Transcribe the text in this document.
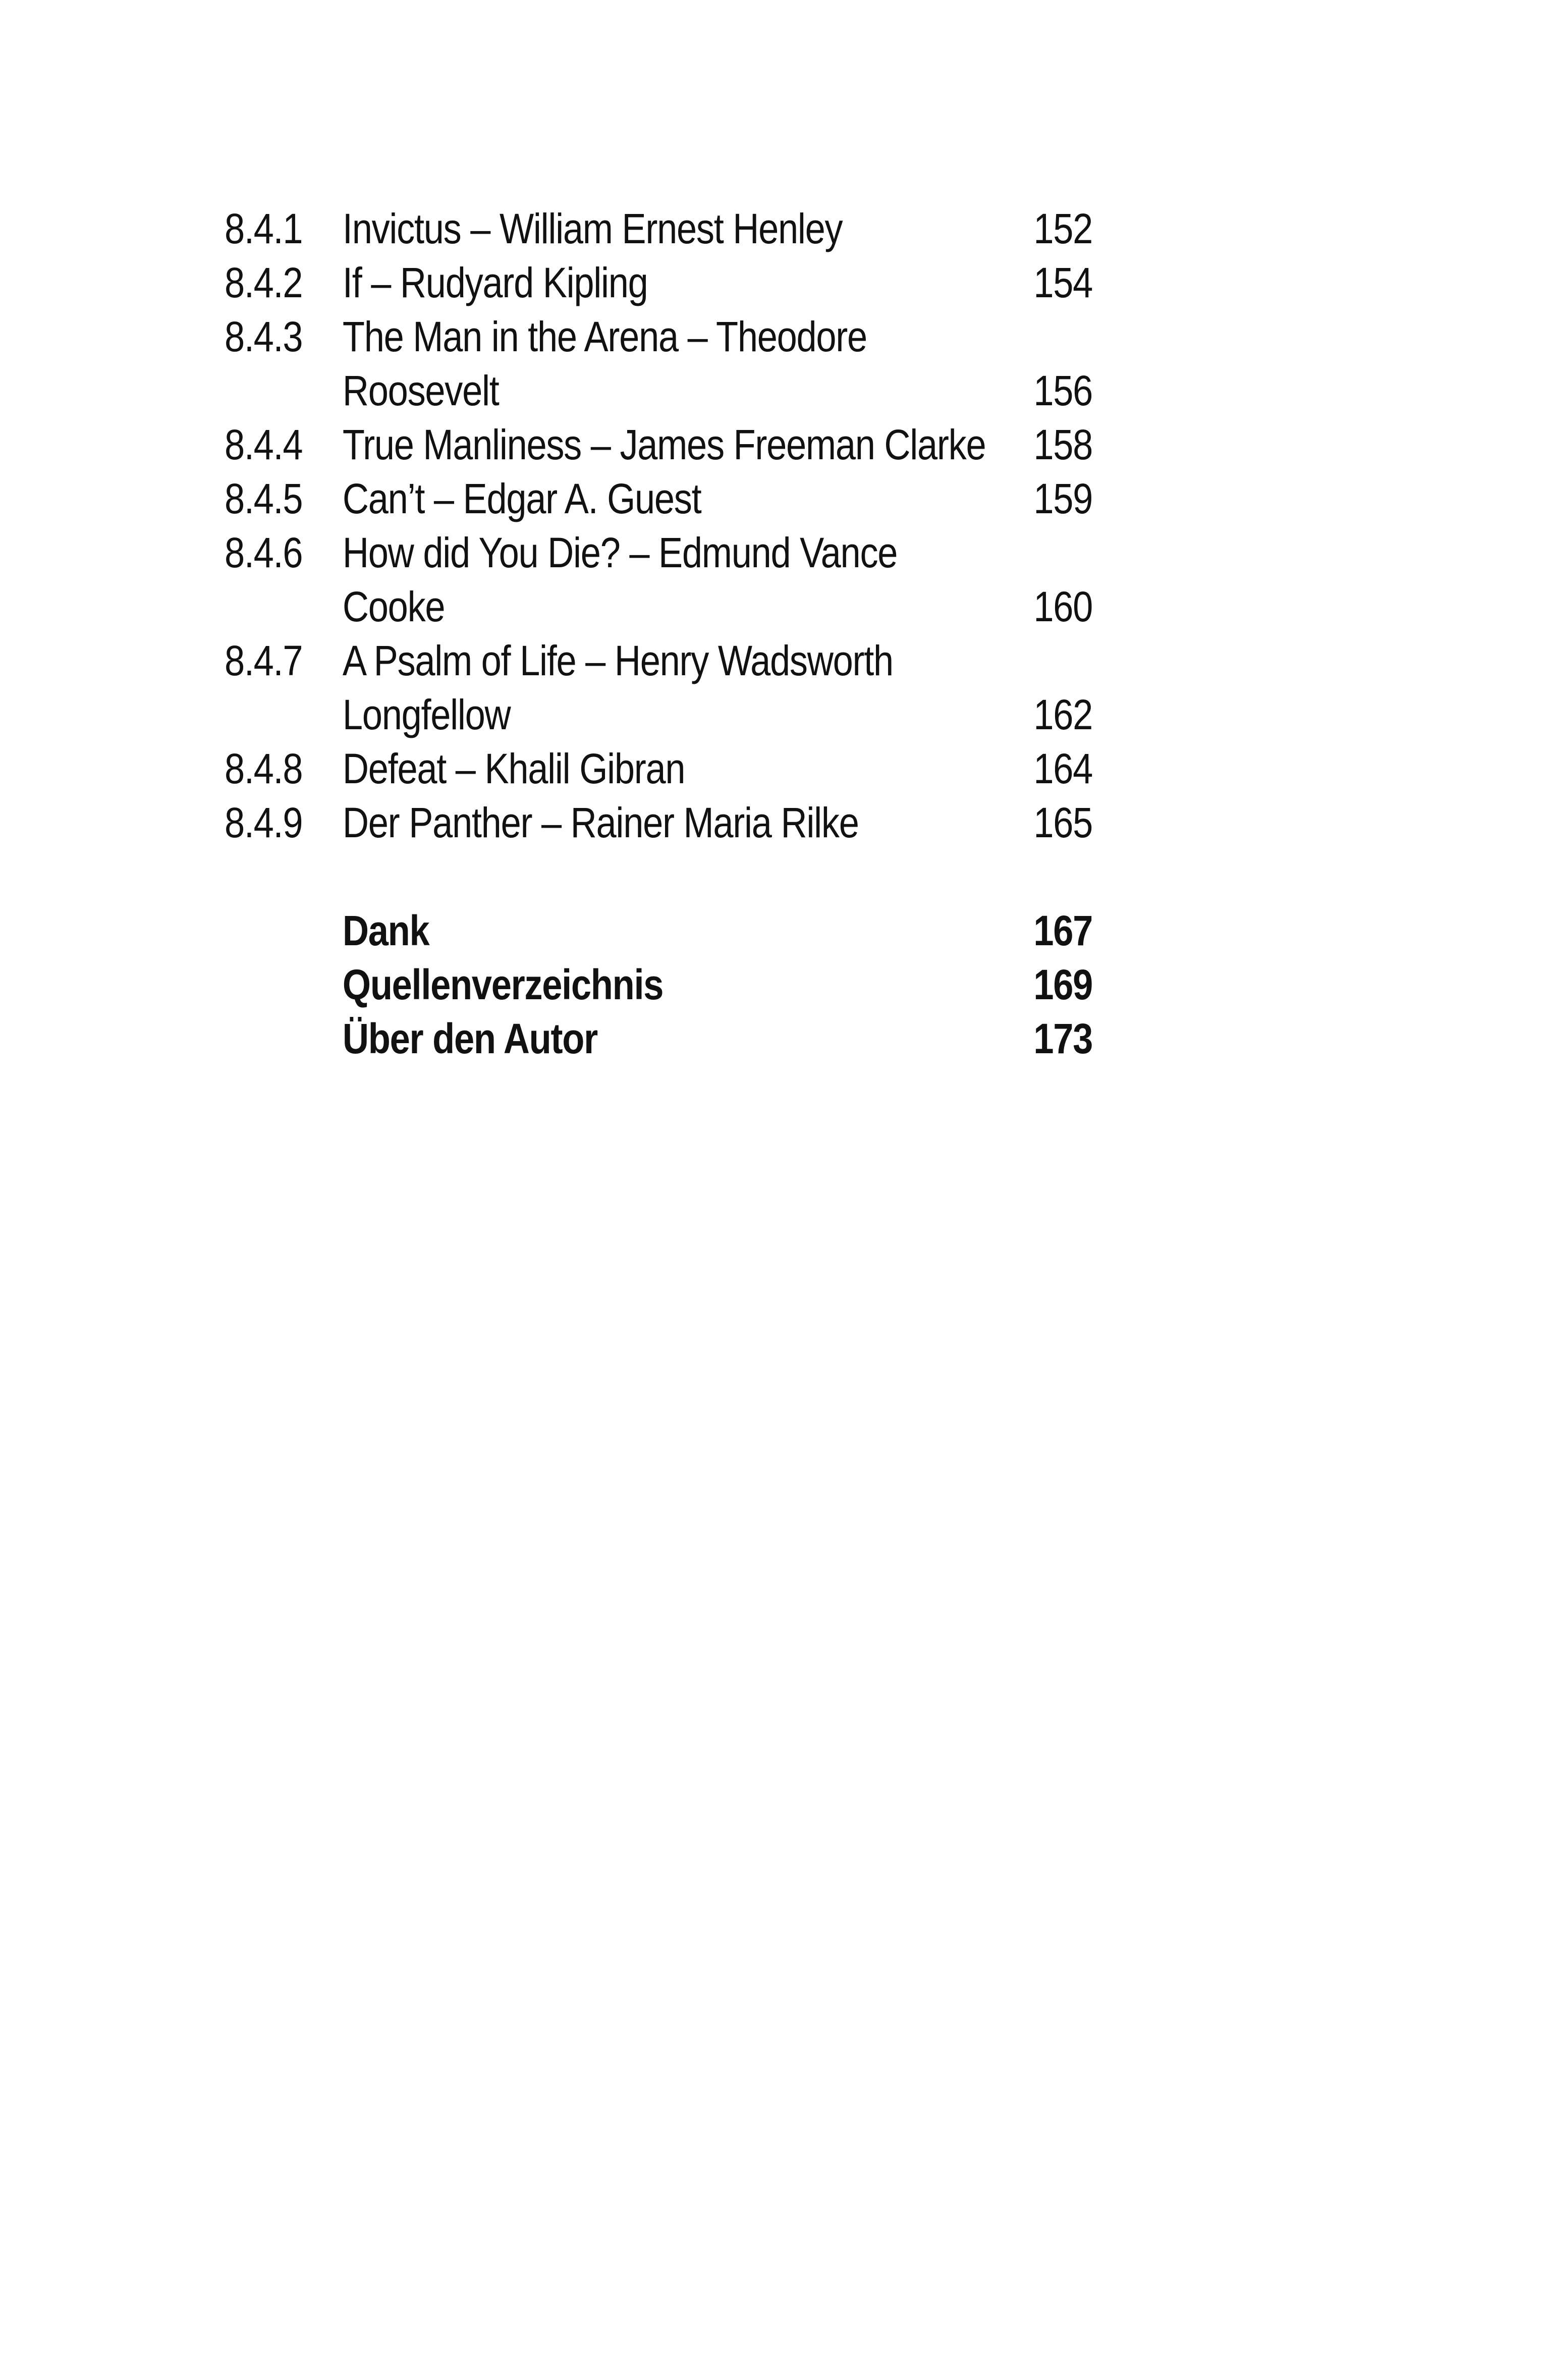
8.4.1 Invictus – William Ernest Henley	152
8.4.2 If – Rudyard Kipling	154
8.4.3 The Man in the Arena – Theodore
Roosevelt	156
8.4.4 True Manliness – James Freeman Clarke	158
8.4.5 Can’t – Edgar A. Guest	159
8.4.6 How did You Die? – Edmund Vance
Cooke	160
8.4.7 A Psalm of Life – Henry Wadsworth
Longfellow	162
8.4.8 Defeat – Khalil Gibran	164
8.4.9 Der Panther – Rainer Maria Rilke	165
Dank	167
Quellenverzeichnis	169
Über den Autor	173
